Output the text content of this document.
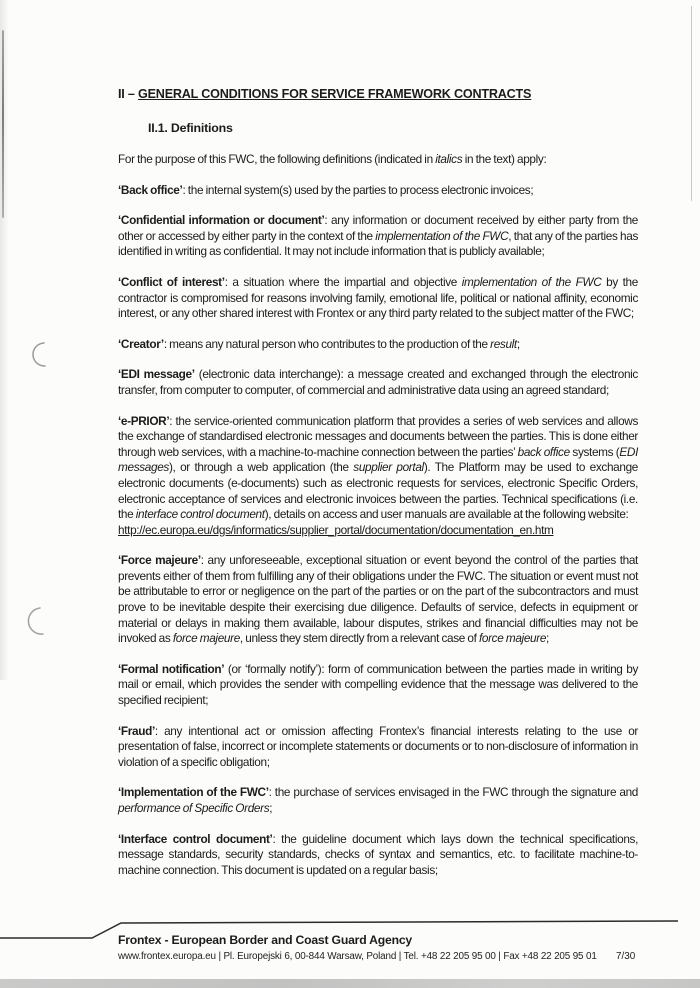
II – GENERAL CONDITIONS FOR SERVICE FRAMEWORK CONTRACTS
II.1. Definitions

For the purpose of this FWC, the following definitions (indicated in italics in the text) apply:

‘Back office’: the internal system(s) used by the parties to process electronic invoices;

‘Confidential information or document’: any information or document received by either party from the other or accessed by either party in the context of the implementation of the FWC, that any of the parties has identified in writing as confidential. It may not include information that is publicly available;

‘Conflict of interest’: a situation where the impartial and objective implementation of the FWC by the contractor is compromised for reasons involving family, emotional life, political or national affinity, economic interest, or any other shared interest with Frontex or any third party related to the subject matter of the FWC;

‘Creator’: means any natural person who contributes to the production of the result;

‘EDI message’ (electronic data interchange): a message created and exchanged through the electronic transfer, from computer to computer, of commercial and administrative data using an agreed standard;

‘e-PRIOR’: the service-oriented communication platform that provides a series of web services and allows the exchange of standardised electronic messages and documents between the parties. This is done either through web services, with a machine-to-machine connection between the parties’ back office systems (EDI messages), or through a web application (the supplier portal). The Platform may be used to exchange electronic documents (e-documents) such as electronic requests for services, electronic Specific Orders, electronic acceptance of services and electronic invoices between the parties. Technical specifications (i.e. the interface control document), details on access and user manuals are available at the following website:
http://ec.europa.eu/dgs/informatics/supplier_portal/documentation/documentation_en.htm

‘Force majeure’: any unforeseeable, exceptional situation or event beyond the control of the parties that prevents either of them from fulfilling any of their obligations under the FWC. The situation or event must not be attributable to error or negligence on the part of the parties or on the part of the subcontractors and must prove to be inevitable despite their exercising due diligence. Defaults of service, defects in equipment or material or delays in making them available, labour disputes, strikes and financial difficulties may not be invoked as force majeure, unless they stem directly from a relevant case of force majeure;

‘Formal notification’ (or ‘formally notify’): form of communication between the parties made in writing by mail or email, which provides the sender with compelling evidence that the message was delivered to the specified recipient;

‘Fraud’: any intentional act or omission affecting Frontex’s financial interests relating to the use or presentation of false, incorrect or incomplete statements or documents or to non-disclosure of information in violation of a specific obligation;

‘Implementation of the FWC’: the purchase of services envisaged in the FWC through the signature and performance of Specific Orders;

‘Interface control document’: the guideline document which lays down the technical specifications, message standards, security standards, checks of syntax and semantics, etc. to facilitate machine-to-machine connection. This document is updated on a regular basis;

Frontex - European Border and Coast Guard Agency
www.frontex.europa.eu | Pl. Europejski 6, 00-844 Warsaw, Poland | Tel. +48 22 205 95 00 | Fax +48 22 205 95 01	7/30
